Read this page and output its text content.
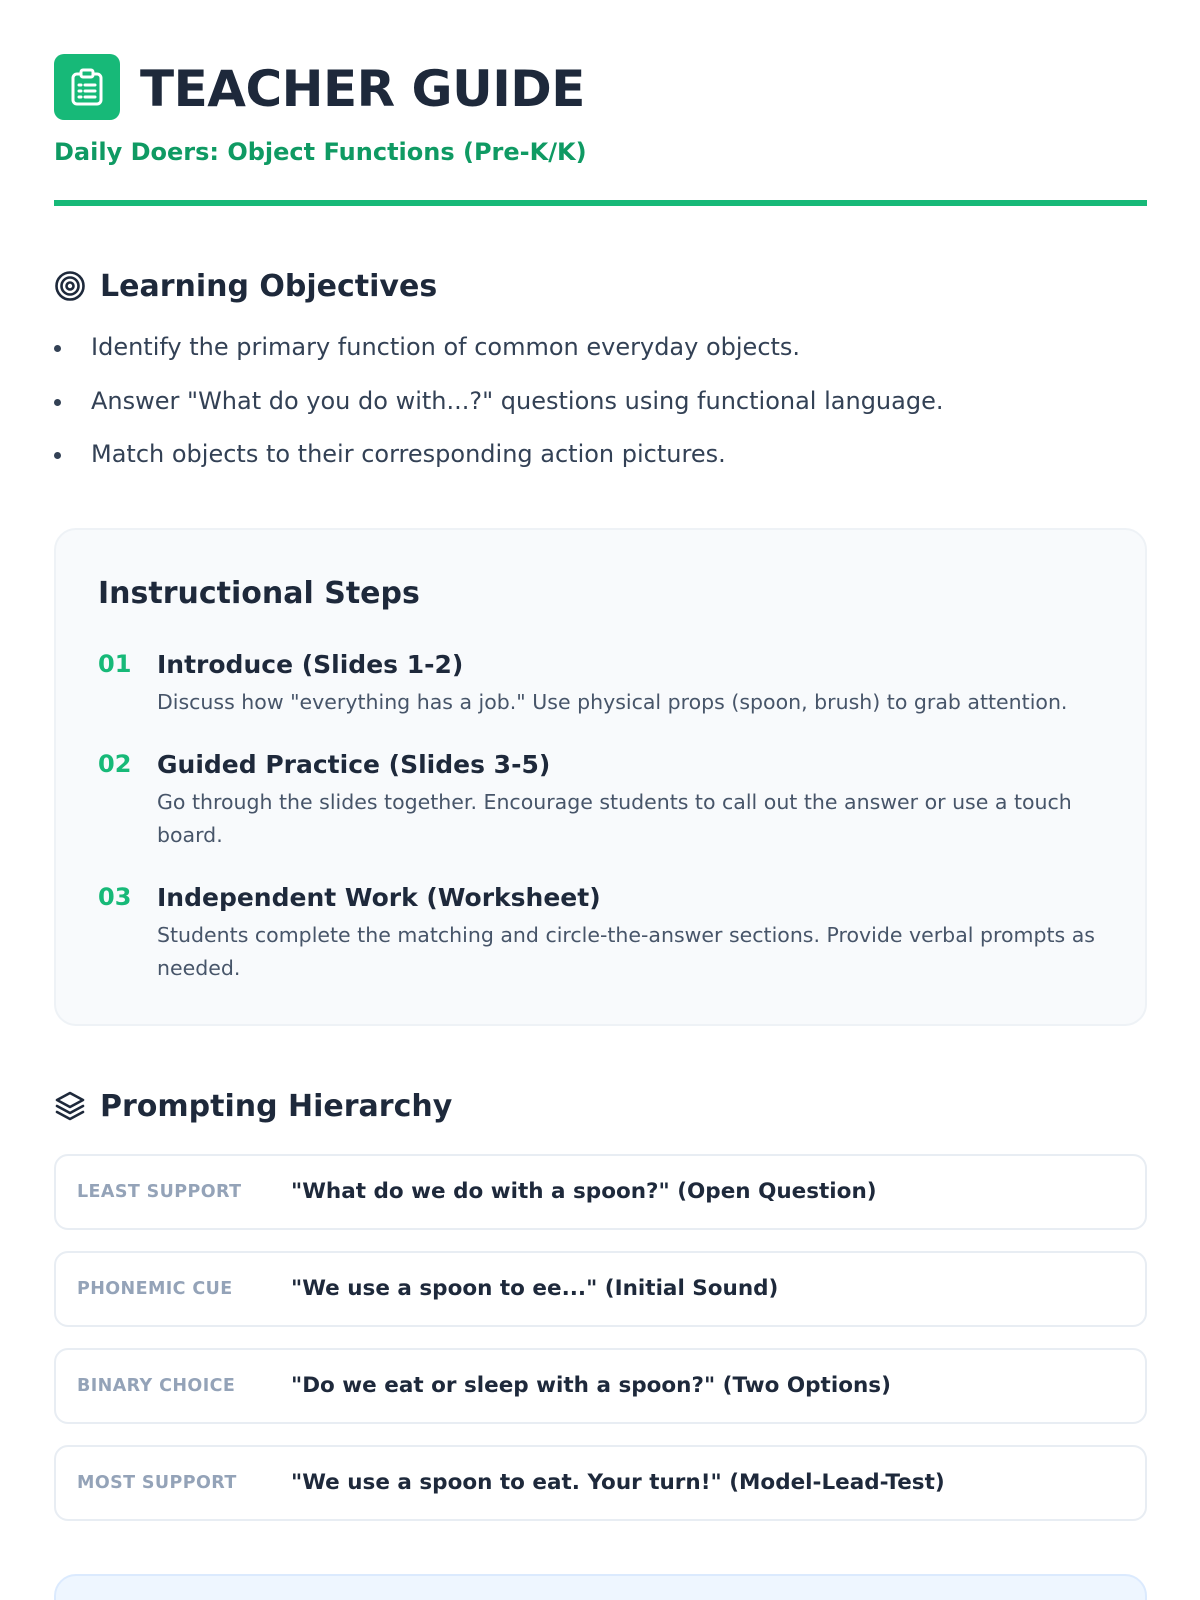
TEACHER GUIDE
Daily Doers: Object Functions (Pre-K/K)
Learning Objectives
Identify the primary function of common everyday objects.
Answer "What do you do with...?" questions using functional language.
Match objects to their corresponding action pictures.
Instructional Steps
01 Introduce (Slides 1-2)
Discuss how "everything has a job." Use physical props (spoon, brush) to grab attention.
02 Guided Practice (Slides 3-5)
Go through the slides together. Encourage students to call out the answer or use a touch board.
03 Independent Work (Worksheet)
Students complete the matching and circle-the-answer sections. Provide verbal prompts as needed.
Prompting Hierarchy
LEAST SUPPORT "What do we do with a spoon?" (Open Question)
PHONEMIC CUE	"We use a spoon to ee..." (Initial Sound)
BINARY CHOICE	"Do we eat or sleep with a spoon?" (Two Options)
MOST SUPPORT	"We use a spoon to eat. Your turn!" (Model-Lead-Test)
